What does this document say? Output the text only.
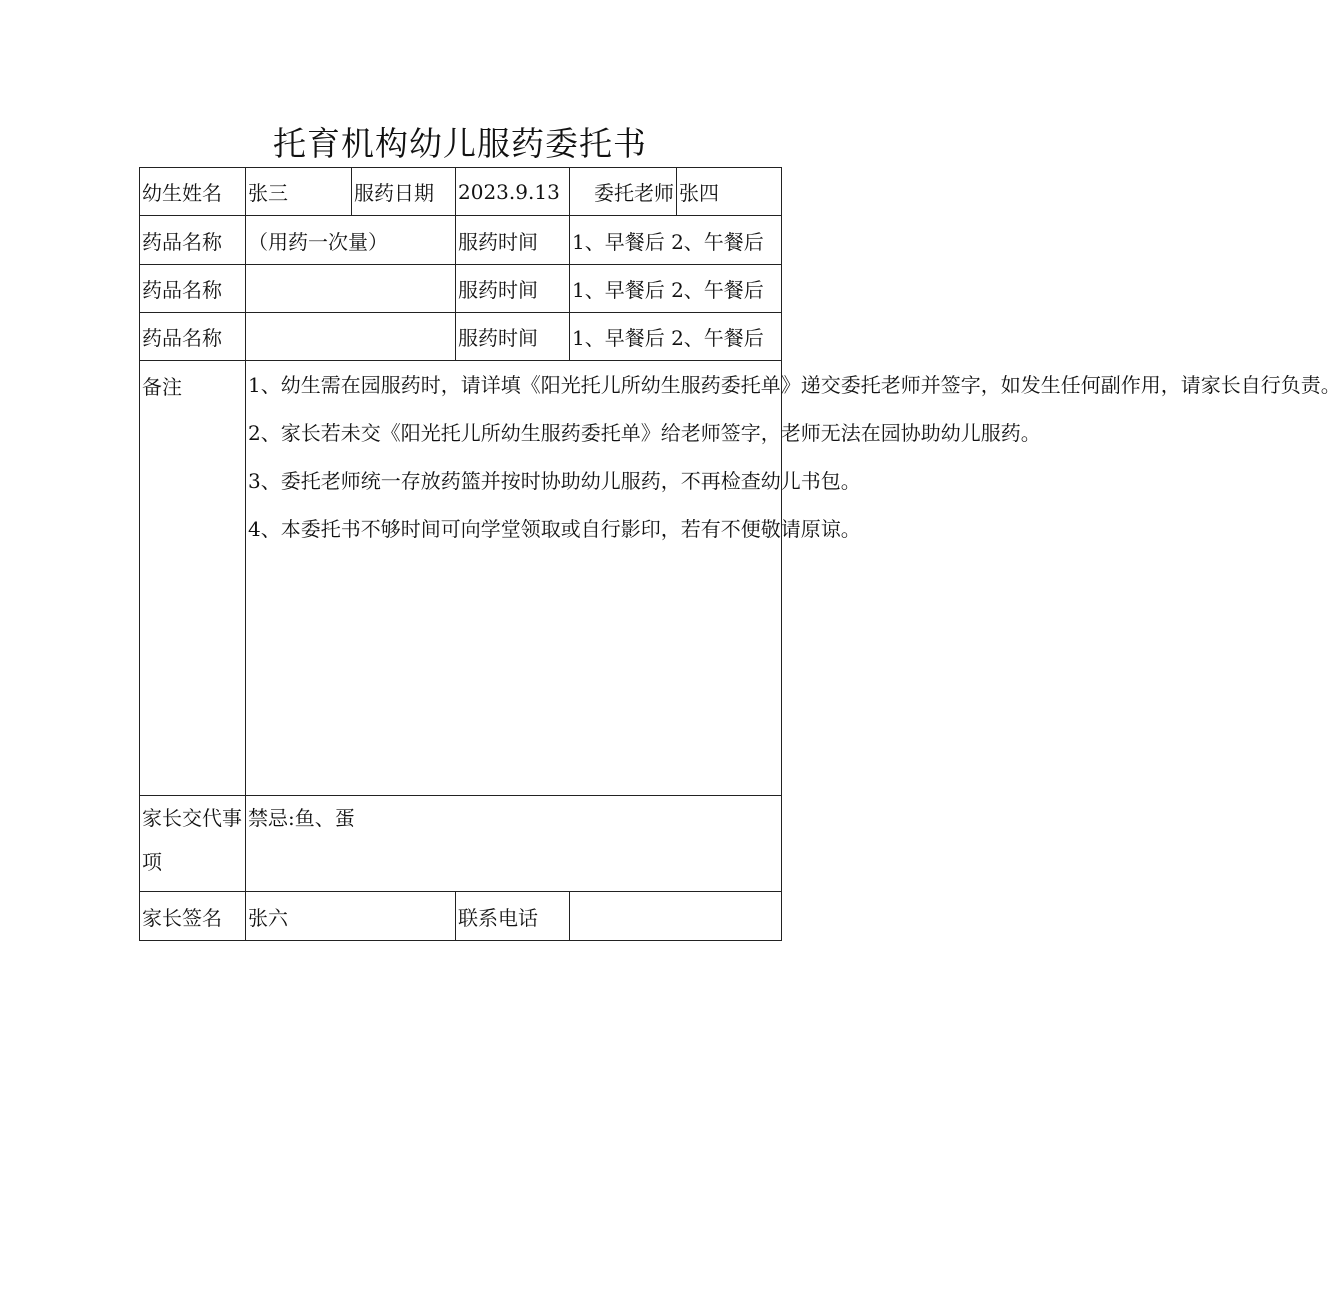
托育机构幼儿服药委托书
幼生姓名	张三	服药日期	2023.9.13	委托老师	张四
药品名称	（用药一次量）		服药时间	1、早餐后 2、午餐后	
药品名称			服药时间	1、早餐后 2、午餐后	
药品名称			服药时间	1、早餐后 2、午餐后	
备注	1、幼生需在园服药时，请详填《阳光托儿所幼生服药委托单》递交委托老师并签字，如发生任何副作用，请家长自行负责。

2、家长若未交《阳光托儿所幼生服药委托单》给老师签字，老师无法在园协助幼儿服药。

3、委托老师统一存放药篮并按时协助幼儿服药，不再检查幼儿书包。

4、本委托书不够时间可向学堂领取或自行影印，若有不便敬请原谅。				

家长交代事项	禁忌:鱼、蛋				
家长签名	张六		联系电话		
